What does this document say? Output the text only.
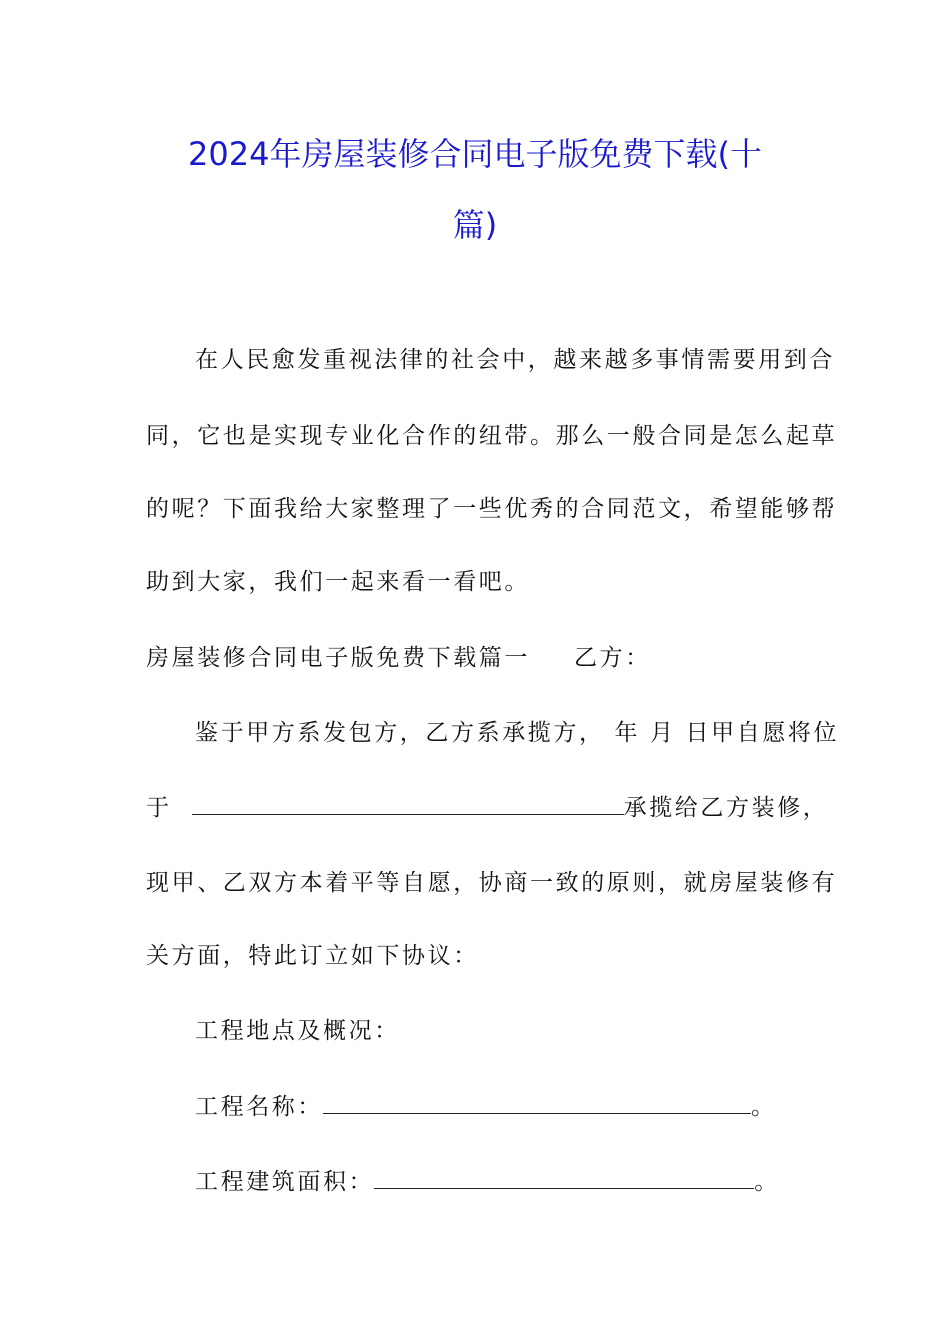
2024年房屋装修合同电子版免费下载(十
篇)

在人民愈发重视法律的社会中，越来越多事情需要用到合

同，它也是实现专业化合作的纽带。那么一般合同是怎么起草

的呢？下面我给大家整理了一些优秀的合同范文，希望能够帮

助到大家，我们一起来看一看吧。

房屋装修合同电子版免费下载篇一 乙方：

鉴于甲方系发包方，乙方系承揽方， 年 月 日甲自愿将位

于	承揽给乙方装修，

现甲、乙双方本着平等自愿，协商一致的原则，就房屋装修有

关方面，特此订立如下协议：

工程地点及概况：

工程名称：	。

工程建筑面积：	。
